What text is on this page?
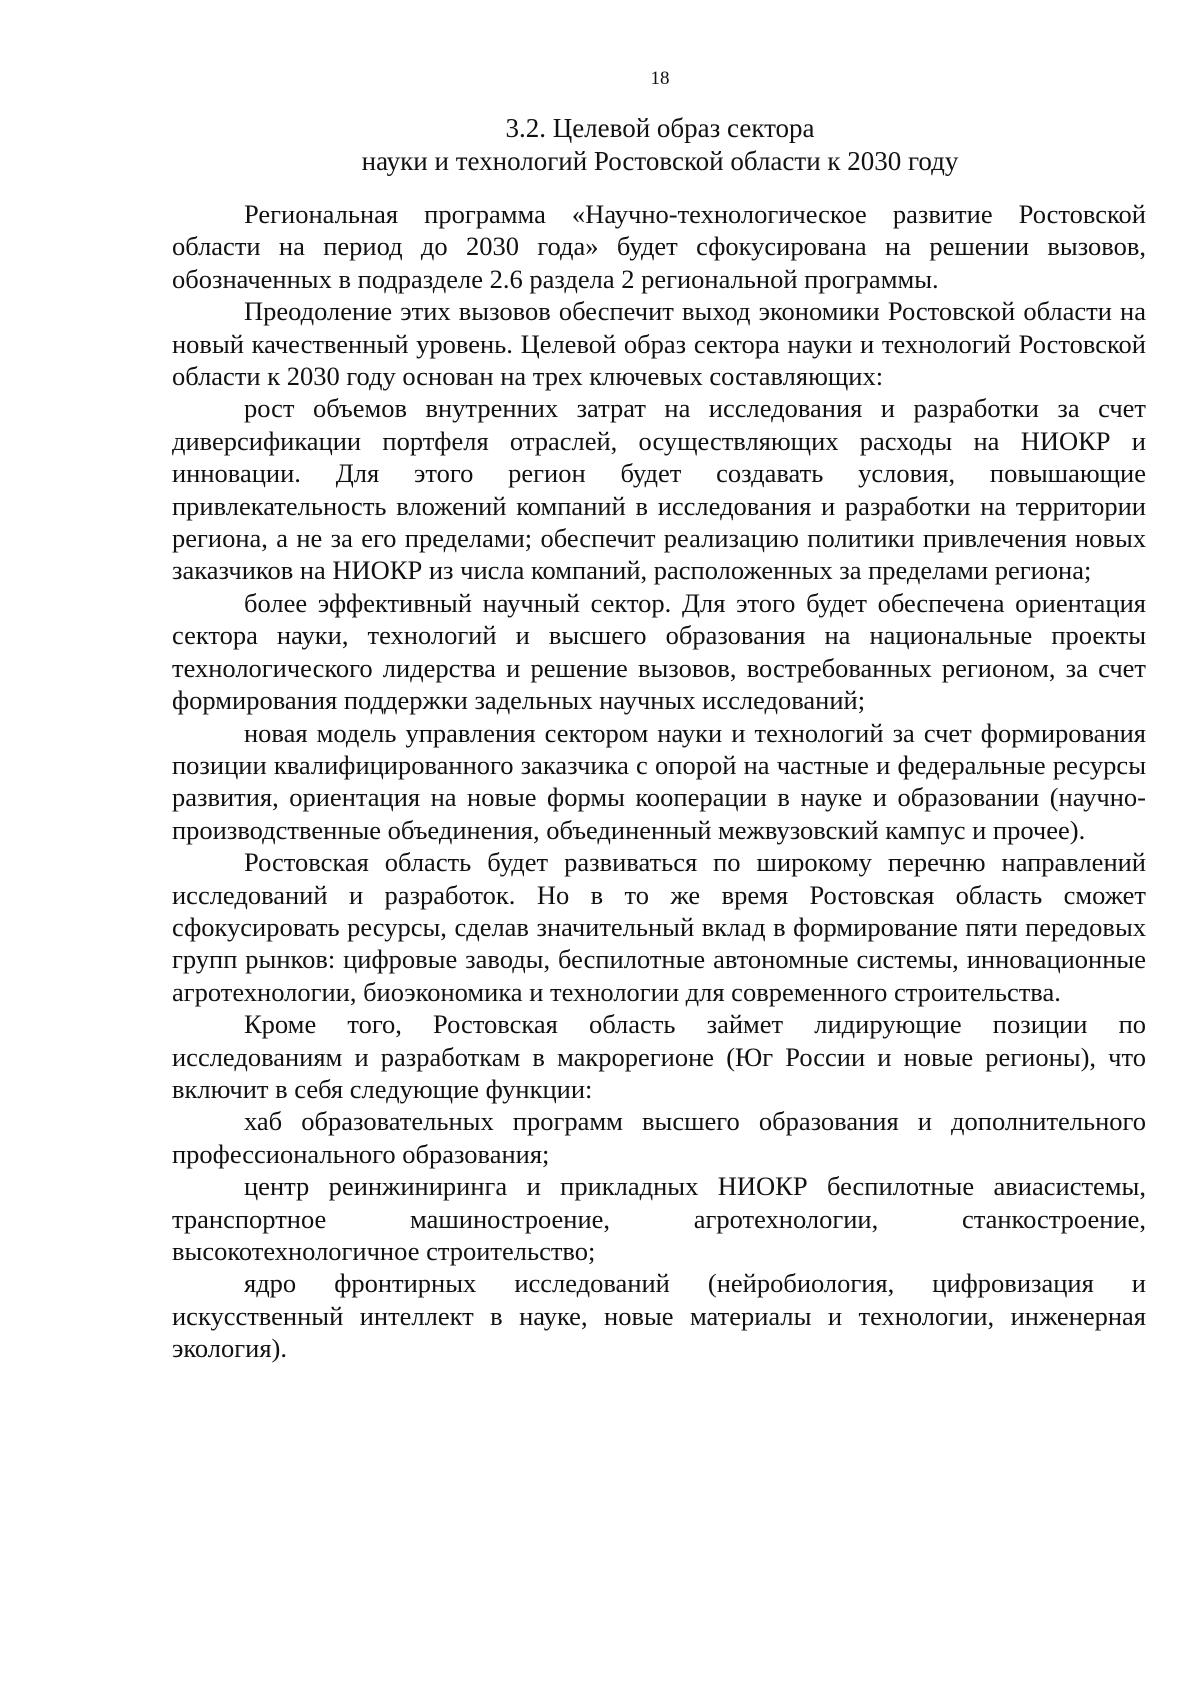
18
3.2. Целевой образ сектора
науки и технологий Ростовской области к 2030 году

Региональная программа «Научно-технологическое развитие Ростовской области на период до 2030 года» будет сфокусирована на решении вызовов, обозначенных в подразделе 2.6 раздела 2 региональной программы.

Преодоление этих вызовов обеспечит выход экономики Ростовской области на новый качественный уровень. Целевой образ сектора науки и технологий Ростовской области к 2030 году основан на трех ключевых составляющих:

рост объемов внутренних затрат на исследования и разработки за счет диверсификации портфеля отраслей, осуществляющих расходы на НИОКР и инновации. Для этого регион будет создавать условия, повышающие привлекательность вложений компаний в исследования и разработки на территории региона, а не за его пределами; обеспечит реализацию политики привлечения новых заказчиков на НИОКР из числа компаний, расположенных за пределами региона;

более эффективный научный сектор. Для этого будет обеспечена ориентация сектора науки, технологий и высшего образования на национальные проекты технологического лидерства и решение вызовов, востребованных регионом, за счет формирования поддержки задельных научных исследований;

новая модель управления сектором науки и технологий за счет формирования позиции квалифицированного заказчика с опорой на частные и федеральные ресурсы развития, ориентация на новые формы кооперации в науке и образовании (научно-производственные объединения, объединенный межвузовский кампус и прочее).

Ростовская область будет развиваться по широкому перечню направлений исследований и разработок. Но в то же время Ростовская область сможет сфокусировать ресурсы, сделав значительный вклад в формирование пяти передовых групп рынков: цифровые заводы, беспилотные автономные системы, инновационные агротехнологии, биоэкономика и технологии для современного строительства.

Кроме того, Ростовская область займет лидирующие позиции по исследованиям и разработкам в макрорегионе (Юг России и новые регионы), что включит в себя следующие функции:

хаб образовательных программ высшего образования и дополнительного профессионального образования;

центр реинжиниринга и прикладных НИОКР беспилотные авиасистемы, транспортное машиностроение, агротехнологии, станкостроение, высокотехнологичное строительство;

ядро фронтирных исследований (нейробиология, цифровизация и искусственный интеллект в науке, новые материалы и технологии, инженерная экология).
